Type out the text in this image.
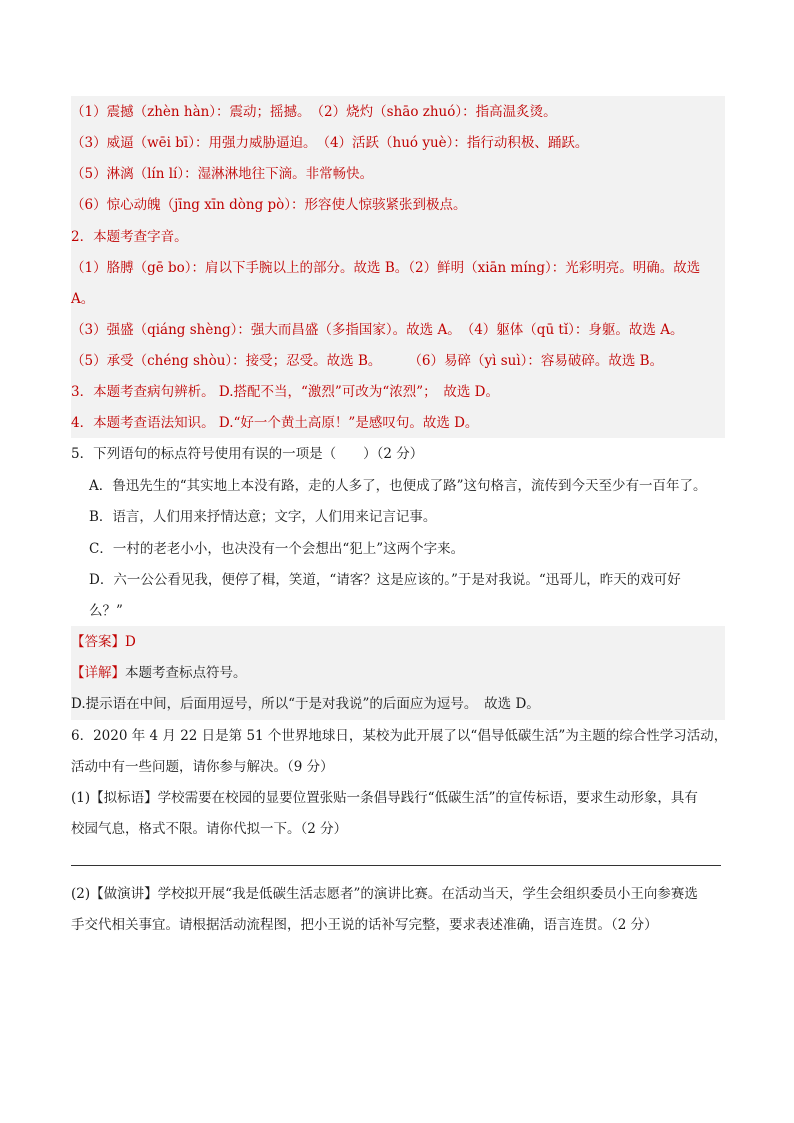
（1）震撼（zhèn hàn）：震动；摇撼。　（2）烧灼（shāo zhuó）：指高温炙烫。
（3）威逼（wēi bī）：用强力威胁逼迫。　（4）活跃（huó yuè）：指行动积极、踊跃。
（5）淋漓（lín lí）：湿淋淋地往下滴。非常畅快。
（6）惊心动魄（jīng xīn dòng pò）：形容使人惊骇紧张到极点。
2．本题考查字音。
（1）胳膊（gē bo）：肩以下手腕以上的部分。故选 B。（2）鲜明（xiān míng）：光彩明亮。明确。故选
A。
（3）强盛（qiáng shèng）：强大而昌盛（多指国家）。故选 A。　（4）躯体（qū tǐ）：身躯。故选 A。
（5）承受（chéng shòu）：接受；忍受。故选 B。　　　（6）易碎（yì suì）：容易破碎。故选 B。
3．本题考查病句辨析。 D.搭配不当，“激烈”可改为“浓烈”；　故选 D。
4．本题考查语法知识。 D.“好一个黄土高原！”是感叹句。故选 D。
5．下列语句的标点符号使用有误的一项是（　　）（2 分）
A．鲁迅先生的“其实地上本没有路，走的人多了，也便成了路”这句格言，流传到今天至少有一百年了。
B．语言，人们用来抒情达意；文字，人们用来记言记事。
C．一村的老老小小，也决没有一个会想出“犯上”这两个字来。
D．六一公公看见我，便停了楫，笑道，“请客？这是应该的。”于是对我说。“迅哥儿，昨天的戏可好
么？”
【答案】D
【详解】本题考查标点符号。
D.提示语在中间，后面用逗号，所以“于是对我说”的后面应为逗号。　故选 D。
6．2020 年 4 月 22 日是第 51 个世界地球日，某校为此开展了以“倡导低碳生活”为主题的综合性学习活动，
活动中有一些问题，请你参与解决。（9 分）
(1)【拟标语】学校需要在校园的显要位置张贴一条倡导践行“低碳生活”的宣传标语，要求生动形象，具有
校园气息，格式不限。请你代拟一下。（2 分）
(2)【做演讲】学校拟开展“我是低碳生活志愿者”的演讲比赛。在活动当天，学生会组织委员小王向参赛选
手交代相关事宜。请根据活动流程图，把小王说的话补写完整，要求表述准确，语言连贯。（2 分）
